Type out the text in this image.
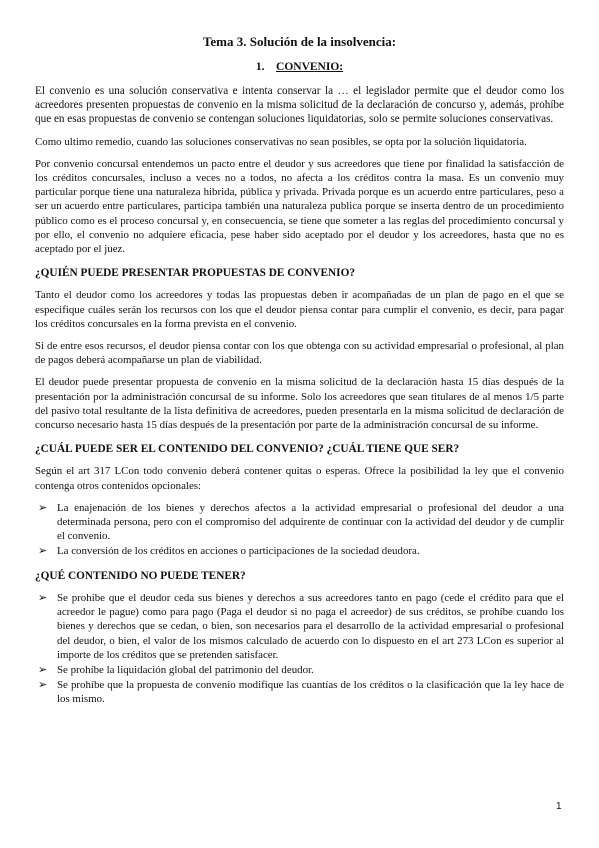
Tema 3. Solución de la insolvencia:
1. CONVENIO:

El convenio es una solución conservativa e intenta conservar la … el legislador permite que el deudor como los acreedores presenten propuestas de convenio en la misma solicitud de la declaración de concurso y, además, prohíbe que en esas propuestas de convenio se contengan soluciones liquidatorias, solo se permite soluciones conservativas.

Como ultimo remedio, cuando las soluciones conservativas no sean posibles, se opta por la solución liquidatoria.

Por convenio concursal entendemos un pacto entre el deudor y sus acreedores que tiene por finalidad la satisfacción de los créditos concursales, incluso a veces no a todos, no afecta a los créditos contra la masa. Es un convenio muy particular porque tiene una naturaleza hibrida, pública y privada. Privada porque es un acuerdo entre particulares, peso a ser un acuerdo entre particulares, participa también una naturaleza publica porque se inserta dentro de un procedimiento público como es el proceso concursal y, en consecuencia, se tiene que someter a las reglas del procedimiento concursal y por ello, el convenio no adquiere eficacia, pese haber sido aceptado por el deudor y los acreedores, hasta que no es aceptado por el juez.

¿QUIÉN PUEDE PRESENTAR PROPUESTAS DE CONVENIO?

Tanto el deudor como los acreedores y todas las propuestas deben ir acompañadas de un plan de pago en el que se especifique cuáles serán los recursos con los que el deudor piensa contar para cumplir el convenio, es decir, para pagar los créditos concursales en la forma prevista en el convenio.

Si de entre esos recursos, el deudor piensa contar con los que obtenga con su actividad empresarial o profesional, al plan de pagos deberá acompañarse un plan de viabilidad.

El deudor puede presentar propuesta de convenio en la misma solicitud de la declaración hasta 15 días después de la presentación por la administración concursal de su informe. Solo los acreedores que sean titulares de al menos 1/5 parte del pasivo total resultante de la lista definitiva de acreedores, pueden presentarla en la misma solicitud de declaración de concurso necesario hasta 15 días después de la presentación por parte de la administración concursal de su informe.

¿CUÁL PUEDE SER EL CONTENIDO DEL CONVENIO? ¿CUÁL TIENE QUE SER?

Según el art 317 LCon todo convenio deberá contener quitas o esperas. Ofrece la posibilidad la ley que el convenio contenga otros contenidos opcionales:

➢ La enajenación de los bienes y derechos afectos a la actividad empresarial o profesional del deudor a una determinada persona, pero con el compromiso del adquirente de continuar con la actividad del deudor y de cumplir el convenio.
➢ La conversión de los créditos en acciones o participaciones de la sociedad deudora.
¿QUÉ CONTENIDO NO PUEDE TENER?
➢ Se prohíbe que el deudor ceda sus bienes y derechos a sus acreedores tanto en pago (cede el crédito para que el acreedor le pague) como para pago (Paga el deudor si no paga el acreedor) de sus créditos, se prohíbe cuando los bienes y derechos que se cedan, o bien, son necesarios para el desarrollo de la actividad empresarial o profesional del deudor, o bien, el valor de los mismos calculado de acuerdo con lo dispuesto en el art 273 LCon es superior al importe de los créditos que se pretenden satisfacer.
➢ Se prohíbe la liquidación global del patrimonio del deudor.
➢ Se prohíbe que la propuesta de convenio modifique las cuantías de los créditos o la clasificación que la ley hace de los mismo.
1
